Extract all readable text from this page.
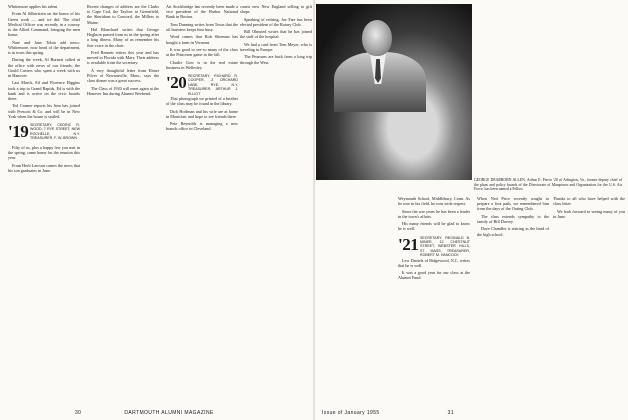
Whittemore applies his talent

From Al Silberstein on the honor of his Green work — and we did. The chief Medical Officer was recently in a convoy to the Allied Command, bringing the men home.

Nate and Jane Tobin add news: Whittemore, now head of the department, is in town this spring.

During the week, Al Burnett called at the office with news of our friends, the Gould Custers who spent a week with us in Hanover.

Last March, Ed and Florence Higgins took a trip to Grand Rapids. Ed is with the bank and is active on the civic boards there.

Ted Cramer reports his firm has joined with Prescott & Co. and will be in New York when the house is settled.

'19 SECRETARY, CEDRIC R. WOOD, 7 RYE STREET, NEW ROCHELLE, N.Y. TREASURER, F. W. BROWN

Fifty of us, plus a happy few you met in the spring, came home for the reunion this year.

From Herb Lawson comes the news that his son graduates in June.

Recent changes of address are the Clarks to Cape Cod, the Taylors to Greenfield, the Sheridans to Concord, the Millers to Maine.

Hal Blanchard writes that George Hoghton passed from us in the spring after a long illness. Many of us remember his fine voice in the choir.

Fred Bennett retires this year and has moved to Florida with Mary. Their address is available from the secretary.

A very thoughtful letter from Elmer Pilver of Newtonville, Mass., says the class dinner was a great success.

The Class of 1920 will meet again at the Hanover Inn during Alumni Weekend.

Art Stockbridge has recently been made a vice president of the Harbor National Bank in Boston.

Tom Dunning writes from Texas that the oil business keeps him busy.

Word comes that Bob Sherman has bought a farm in Vermont.

It was good to see so many of the class at the Princeton game in the fall.

Charlie Gow is in the real estate business in Wellesley.

'20 SECRETARY, RICHARD R. COOPER, 2 ORCHARD LANE, RYE, N.Y. TREASURER, ARTHUR J. ELLIOT

That photograph we printed of a brother of the class may be found in the library.

Dick Hoffman and his wife are at home in Montclair and hope to see friends there.

Pete Reynolds is managing a new branch office in Cleveland.

courts new New England selling to gift shops.

Speaking of retiring, Joe Farr has been elected president of the Rotary Club.

Bill Olmsted writes that he has joined the staff of the hospital.

We had a card from Tom Meyer, who is traveling in Europe.

The Pearsons are back from a long trip through the West.

30	DARTMOUTH ALUMNI MAGAZINE
GEORGE DEARBORN ALLEN, Arthur E. Pierce '20 of Arlington, Va., former deputy chief of the plans and policy branch of the Directorate of Manpower and Organization for the U.S. Air Force, has been named a Fellow.

Weymouth School, Middlebury, Conn. As he rose in his field, he won wide respect.

Since the war years he has been a leader in the town's affairs.

His many friends will be glad to know he is well.

'21 SECRETARY, REGINALD B. MINER, 12 CHESTNUT STREET, WEBSTER HILLS, ST. MASS. TREASURER, ROBERT M. HANCOCK

Lew Daniels of Ridgewood, N.J., writes that he is well.

It was a good year for our class at the Alumni Fund.

When Ned Price recently sought to prepare a foot path, we remembered him from the days of the Outing Club.

The class extends sympathy to the family of Bill Dorsey.

Dave Chandler is retiring as the head of the high school.

Thanks to all who have helped with the class letter.

We look forward to seeing many of you in June.

Issue of January 1955	31
